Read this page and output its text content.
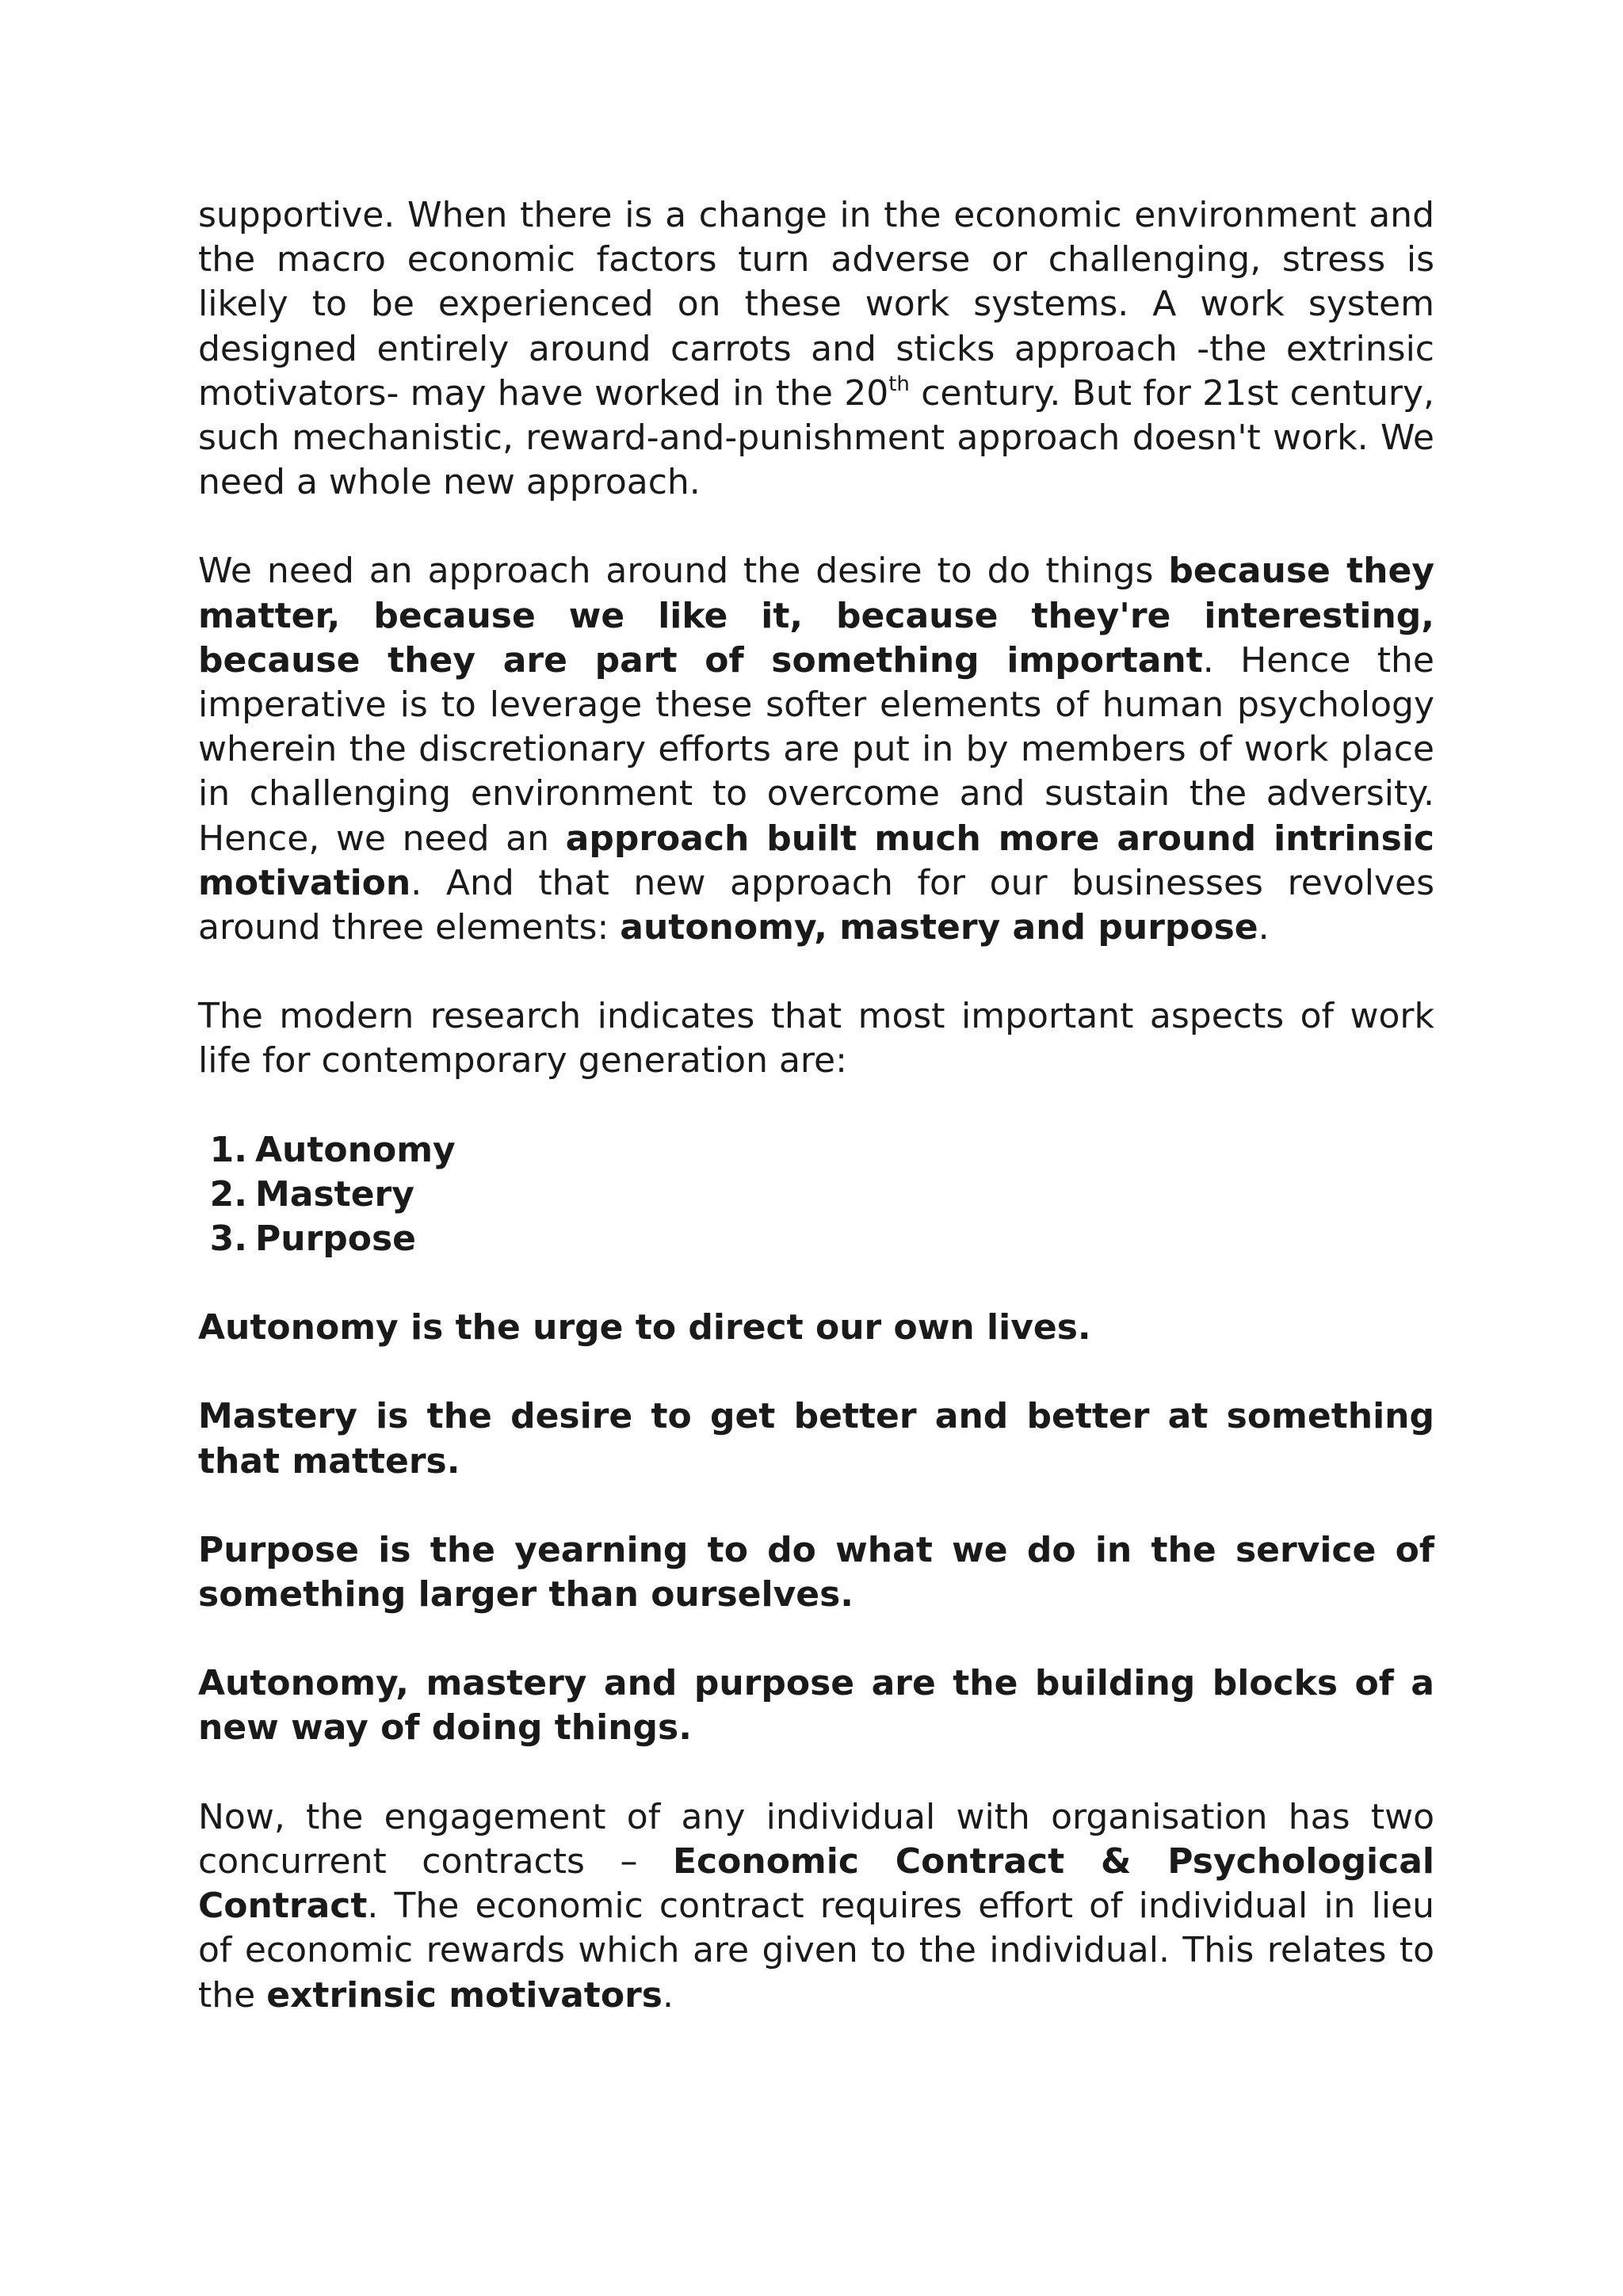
supportive. When there is a change in the economic environment and the macro economic factors turn adverse or challenging, stress is likely to be experienced on these work systems. A work system designed entirely around carrots and sticks approach -the extrinsic motivators- may have worked in the 20th century. But for 21st century, such mechanistic, reward-and-punishment approach doesn't work. We need a whole new approach.

We need an approach around the desire to do things because they matter, because we like it, because they're interesting, because they are part of something important. Hence the imperative is to leverage these softer elements of human psychology wherein the discretionary efforts are put in by members of work place in challenging environment to overcome and sustain the adversity. Hence, we need an approach built much more around intrinsic motivation. And that new approach for our businesses revolves around three elements: autonomy, mastery and purpose.

The modern research indicates that most important aspects of work life for contemporary generation are:

1. Autonomy
2. Mastery
3. Purpose

Autonomy is the urge to direct our own lives.

Mastery is the desire to get better and better at something that matters.

Purpose is the yearning to do what we do in the service of something larger than ourselves.

Autonomy, mastery and purpose are the building blocks of a new way of doing things.

Now, the engagement of any individual with organisation has two concurrent contracts – Economic Contract & Psychological Contract. The economic contract requires effort of individual in lieu of economic rewards which are given to the individual. This relates to the extrinsic motivators.
